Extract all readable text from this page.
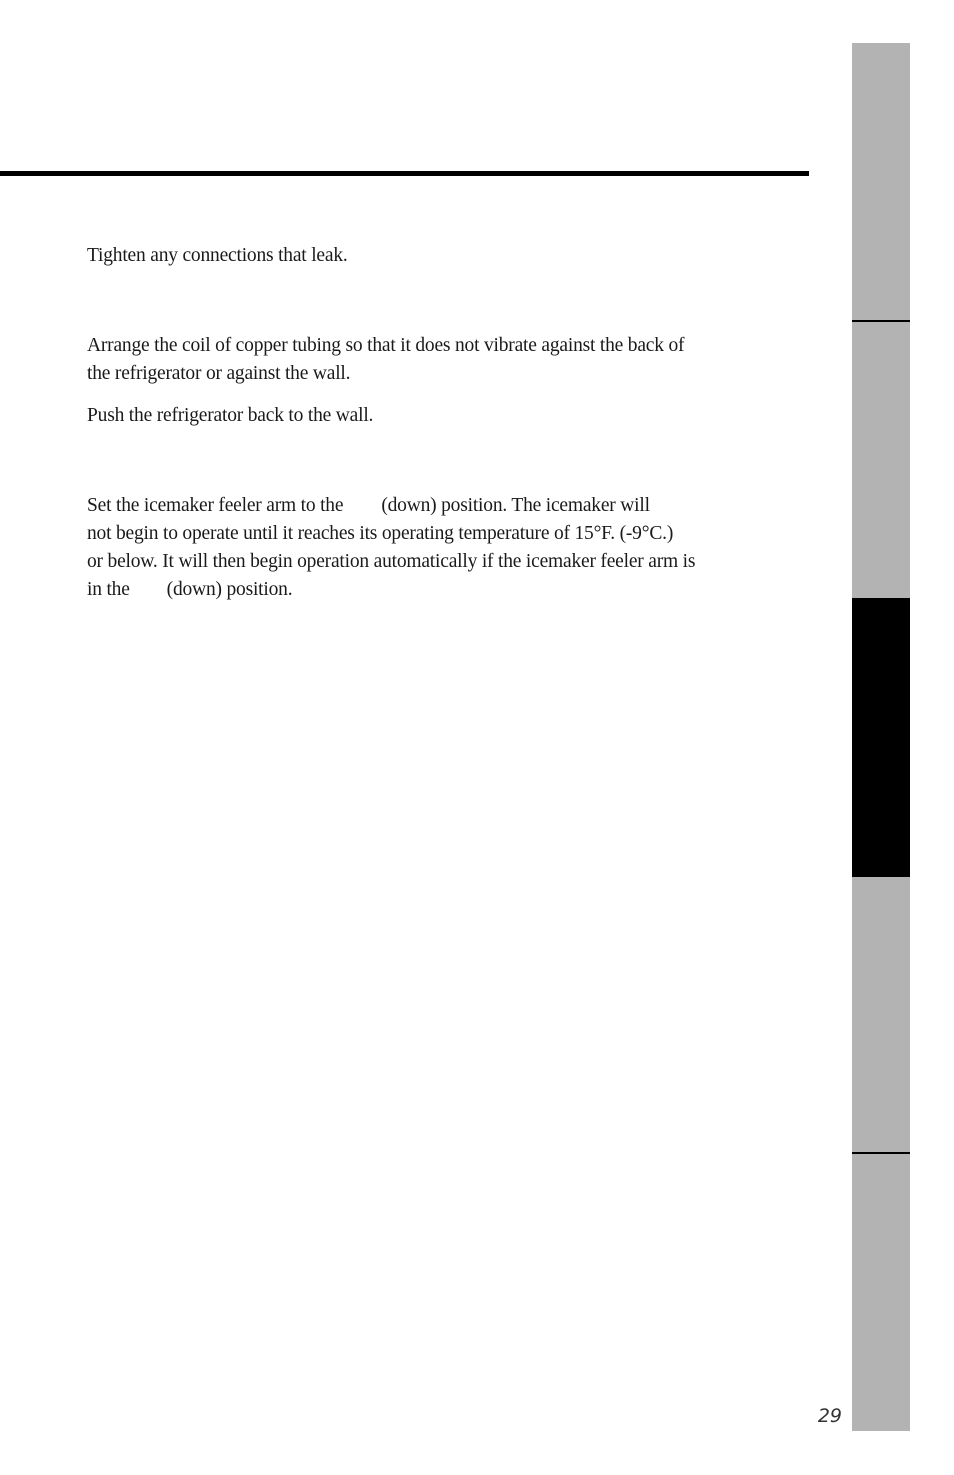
Tighten any connections that leak.

Arrange the coil of copper tubing so that it does not vibrate against the back of
the refrigerator or against the wall.

Push the refrigerator back to the wall.

Set the icemaker feeler arm to the (down) position. The icemaker will
not begin to operate until it reaches its operating temperature of 15°F. (-9°C.)
or below. It will then begin operation automatically if the icemaker feeler arm is
in the (down) position.

29
